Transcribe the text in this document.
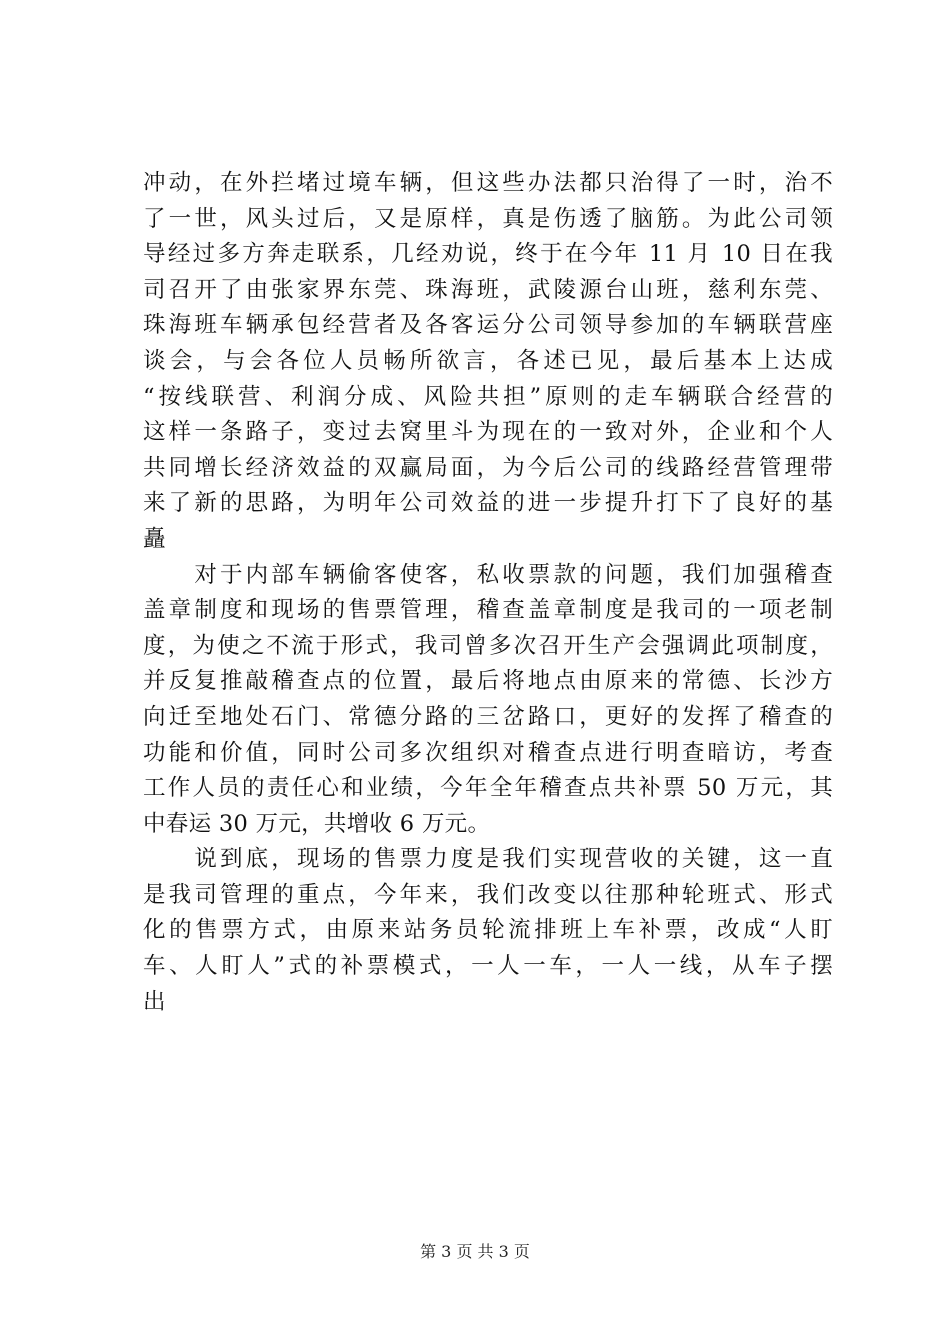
冲动，在外拦堵过境车辆，但这些办法都只治得了一时，治不
了一世，风头过后，又是原样，真是伤透了脑筋。为此公司领
导经过多方奔走联系，几经劝说，终于在今年 11 月 10 日在我
司召开了由张家界东莞、珠海班，武陵源台山班，慈利东莞、
珠海班车辆承包经营者及各客运分公司领导参加的车辆联营座
谈会，与会各位人员畅所欲言，各述已见，最后基本上达成
“按线联营、利润分成、风险共担”原则的走车辆联合经营的
这样一条路子，变过去窝里斗为现在的一致对外，企业和个人
共同增长经济效益的双赢局面，为今后公司的线路经营管理带
来了新的思路，为明年公司效益的进一步提升打下了良好的基
矗
　　对于内部车辆偷客使客，私收票款的问题，我们加强稽查
盖章制度和现场的售票管理，稽查盖章制度是我司的一项老制
度，为使之不流于形式，我司曾多次召开生产会强调此项制度，
并反复推敲稽查点的位置，最后将地点由原来的常德、长沙方
向迁至地处石门、常德分路的三岔路口，更好的发挥了稽查的
功能和价值，同时公司多次组织对稽查点进行明查暗访，考查
工作人员的责任心和业绩，今年全年稽查点共补票 50 万元，其
中春运 30 万元，共增收 6 万元。
　　说到底，现场的售票力度是我们实现营收的关键，这一直
是我司管理的重点，今年来，我们改变以往那种轮班式、形式
化的售票方式，由原来站务员轮流排班上车补票，改成“人盯
车、人盯人”式的补票模式，一人一车，一人一线，从车子摆
出
第 3 页 共 3 页
